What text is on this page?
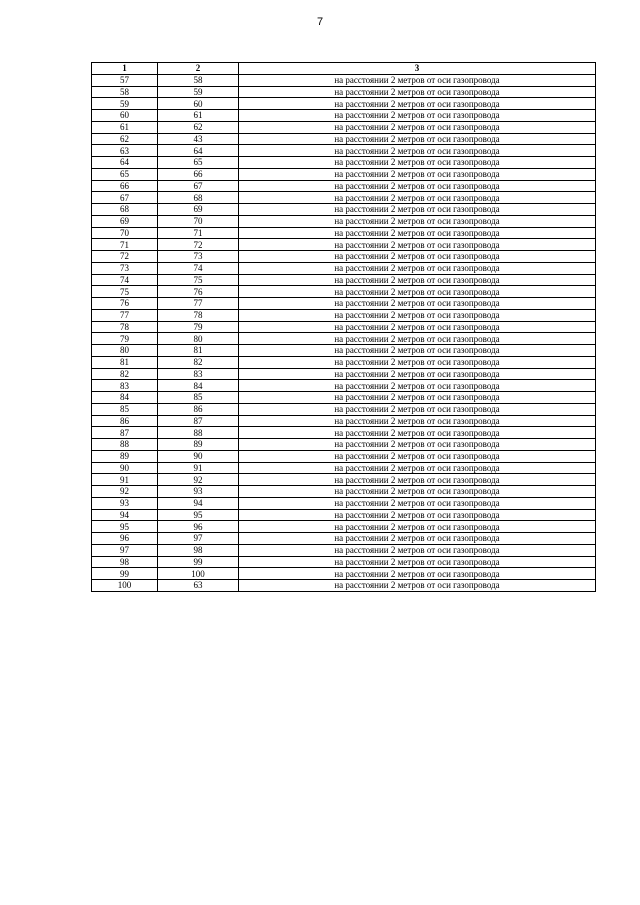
7
1	2	3
57	58	на расстоянии 2 метров от оси газопровода
58	59	на расстоянии 2 метров от оси газопровода
59	60	на расстоянии 2 метров от оси газопровода
60	61	на расстоянии 2 метров от оси газопровода
61	62	на расстоянии 2 метров от оси газопровода
62	43	на расстоянии 2 метров от оси газопровода
63	64	на расстоянии 2 метров от оси газопровода
64	65	на расстоянии 2 метров от оси газопровода
65	66	на расстоянии 2 метров от оси газопровода
66	67	на расстоянии 2 метров от оси газопровода
67	68	на расстоянии 2 метров от оси газопровода
68	69	на расстоянии 2 метров от оси газопровода
69	70	на расстоянии 2 метров от оси газопровода
70	71	на расстоянии 2 метров от оси газопровода
71	72	на расстоянии 2 метров от оси газопровода
72	73	на расстоянии 2 метров от оси газопровода
73	74	на расстоянии 2 метров от оси газопровода
74	75	на расстоянии 2 метров от оси газопровода
75	76	на расстоянии 2 метров от оси газопровода
76	77	на расстоянии 2 метров от оси газопровода
77	78	на расстоянии 2 метров от оси газопровода
78	79	на расстоянии 2 метров от оси газопровода
79	80	на расстоянии 2 метров от оси газопровода
80	81	на расстоянии 2 метров от оси газопровода
81	82	на расстоянии 2 метров от оси газопровода
82	83	на расстоянии 2 метров от оси газопровода
83	84	на расстоянии 2 метров от оси газопровода
84	85	на расстоянии 2 метров от оси газопровода
85	86	на расстоянии 2 метров от оси газопровода
86	87	на расстоянии 2 метров от оси газопровода
87	88	на расстоянии 2 метров от оси газопровода
88	89	на расстоянии 2 метров от оси газопровода
89	90	на расстоянии 2 метров от оси газопровода
90	91	на расстоянии 2 метров от оси газопровода
91	92	на расстоянии 2 метров от оси газопровода
92	93	на расстоянии 2 метров от оси газопровода
93	94	на расстоянии 2 метров от оси газопровода
94	95	на расстоянии 2 метров от оси газопровода
95	96	на расстоянии 2 метров от оси газопровода
96	97	на расстоянии 2 метров от оси газопровода
97	98	на расстоянии 2 метров от оси газопровода
98	99	на расстоянии 2 метров от оси газопровода
99	100	на расстоянии 2 метров от оси газопровода
100	63	на расстоянии 2 метров от оси газопровода
